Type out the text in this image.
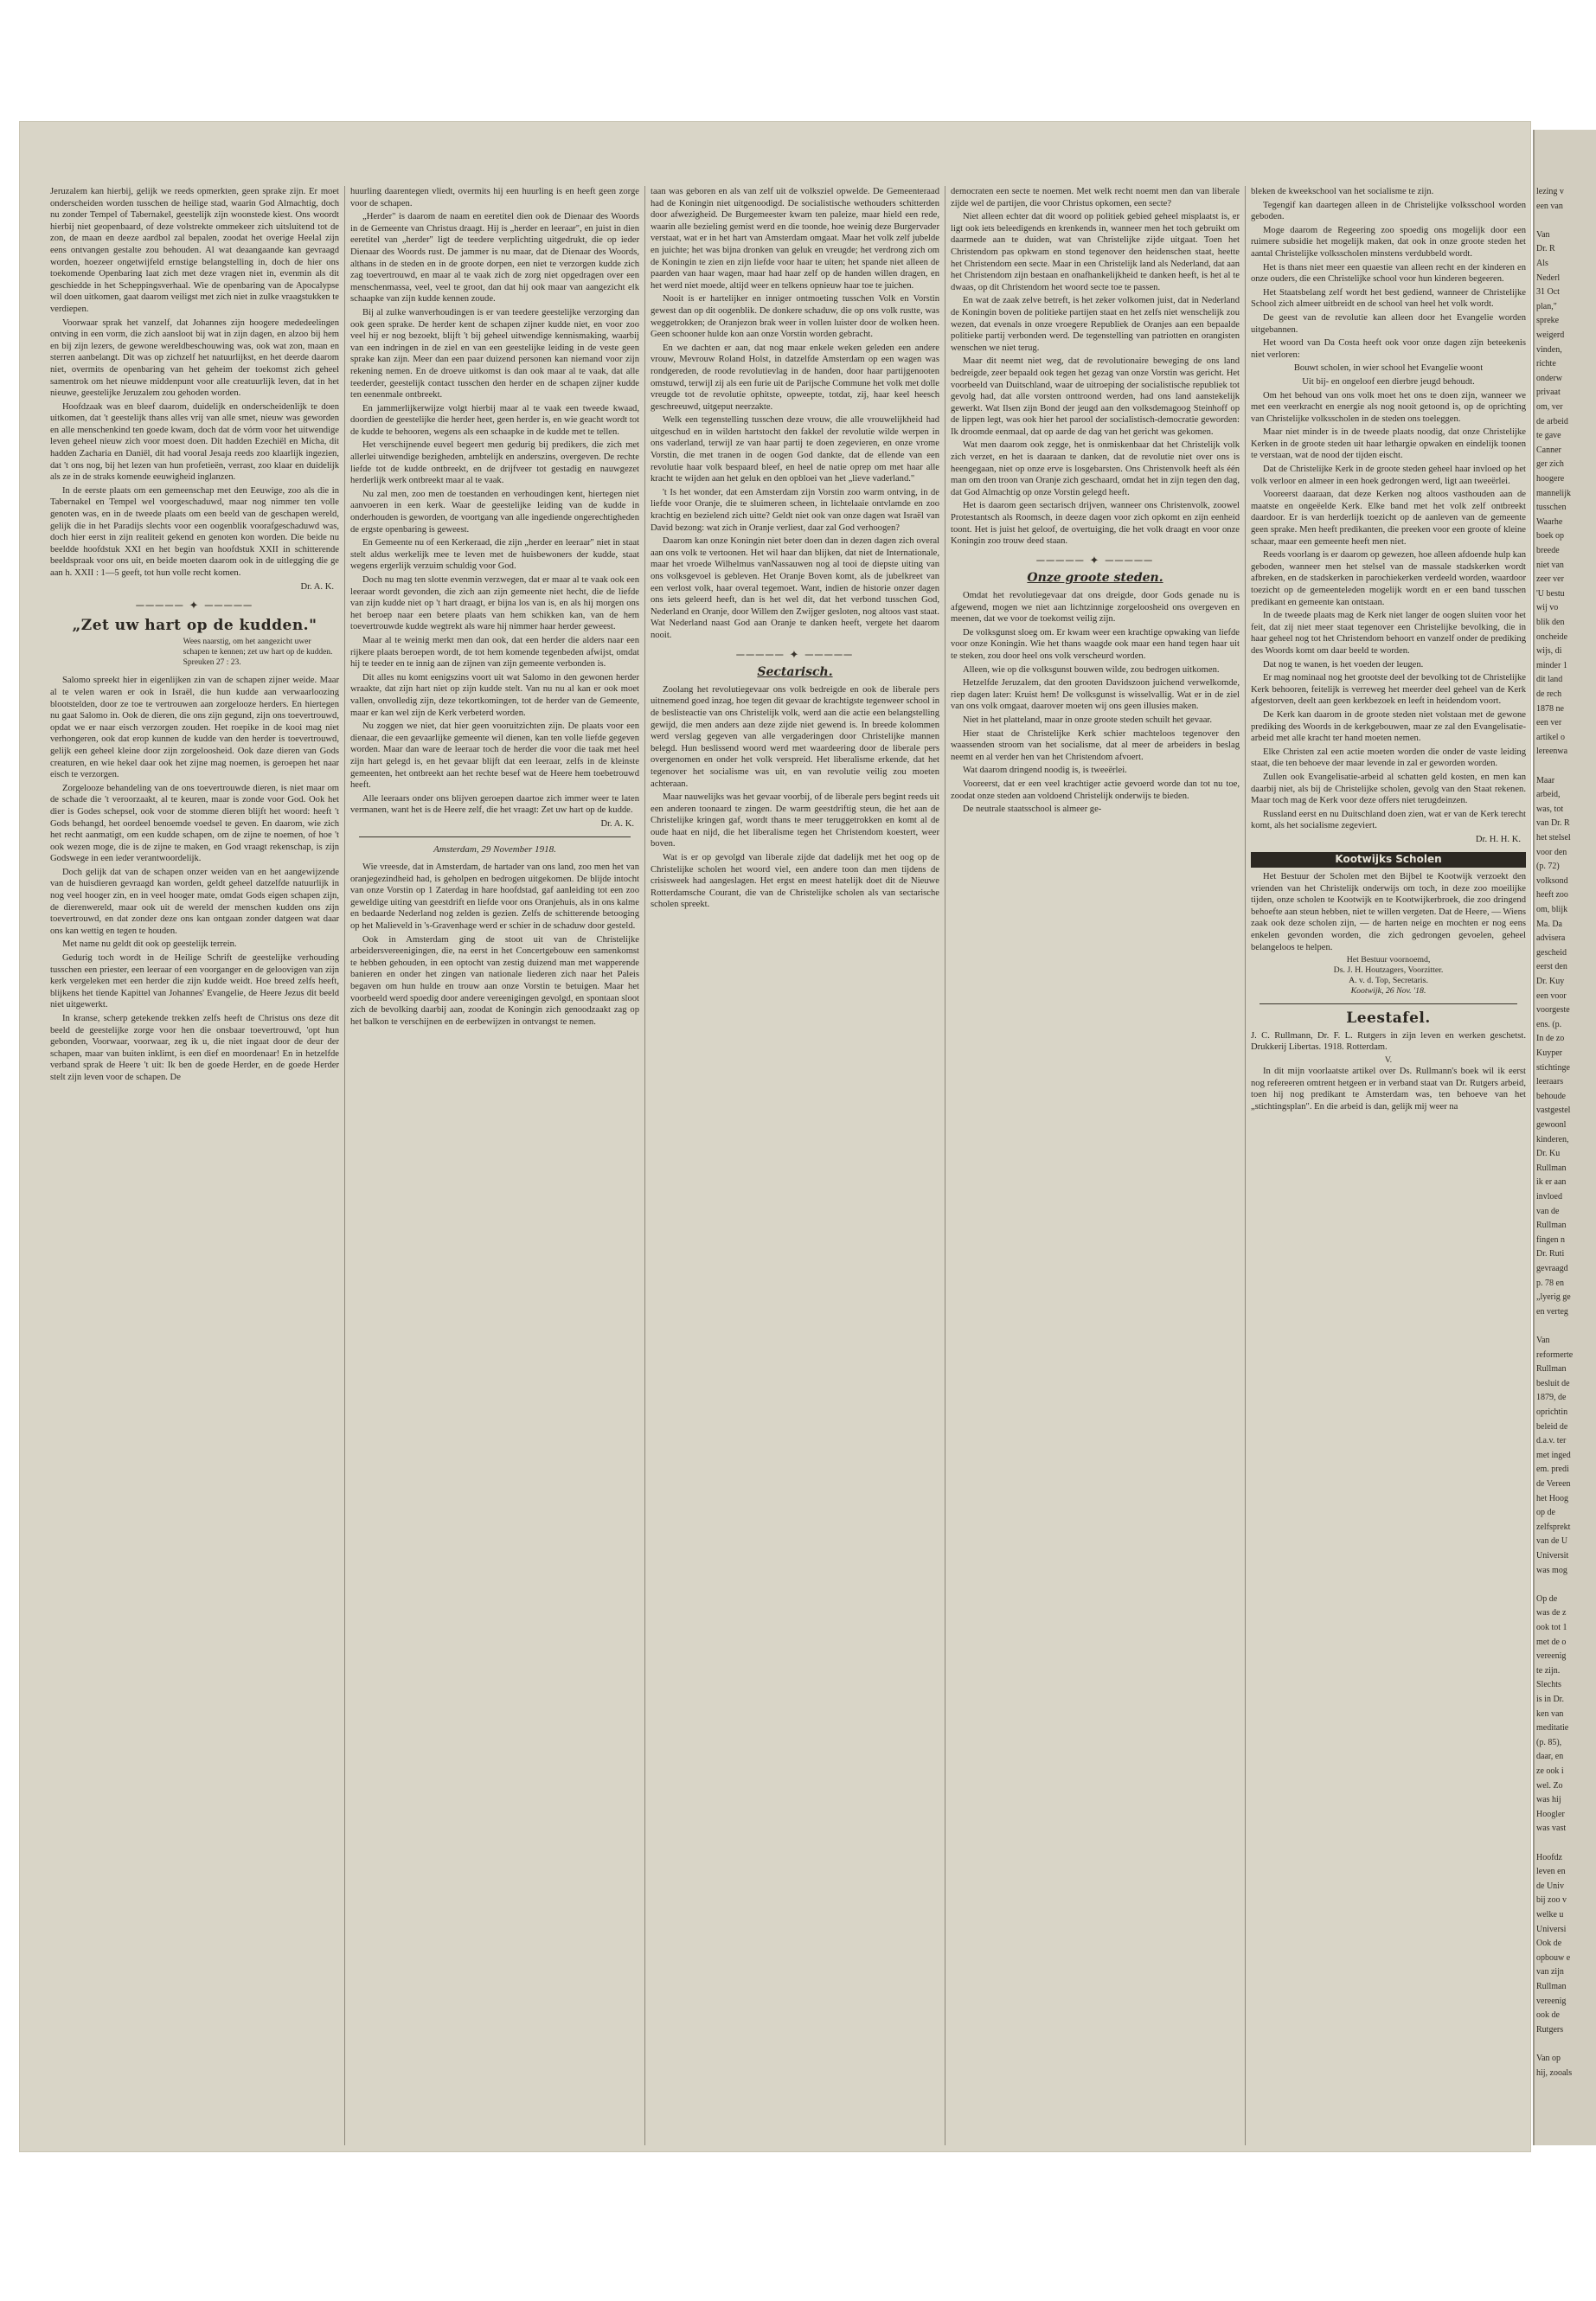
Jeruzalem kan hierbij, gelijk we reeds opmerkten, geen sprake zijn. Er moet onderscheiden worden tusschen de heilige stad, waarin God Almachtig, doch nu zonder Tempel of Tabernakel, geestelijk zijn woonstede kiest. Ons woordt hierbij niet geopenbaard, of deze volstrekte ommekeer zich uitsluitend tot de zon, de maan en deeze aardbol zal bepalen, zoodat het overige Heelal zijn eens ontvangen gestalte zou behouden. Al wat deaangaande kan gevraagd worden, hoezeer ongetwijfeld ernstige belangstelling in, doch de hier ons toekomende Openbaring laat zich met deze vragen niet in, evenmin als dit geschiedde in het Scheppingsverhaal. Wie de openbaring van de Apocalypse wil doen uitkomen, gaat daarom veiligst met zich niet in zulke vraagstukken te verdiepen.

Voorwaar sprak het vanzelf, dat Johannes zijn hoogere mededeelingen ontving in een vorm, die zich aansloot bij wat in zijn dagen, en alzoo bij hem en bij zijn lezers, de gewone wereldbeschouwing was, ook wat zon, maan en sterren aanbelangt. Dit was op zichzelf het natuurlijkst, en het deerde daarom niet, overmits de openbaring van het geheim der toekomst zich geheel samentrok om het nieuwe middenpunt voor alle creatuurlijk leven, dat in het nieuwe, geestelijke Jeruzalem zou gehoden worden.

Hoofdzaak was en bleef daarom, duidelijk en onderscheidenlijk te doen uitkomen, dat 't geestelijk thans alles vrij van alle smet, nieuw was geworden en alle menschenkind ten goede kwam, doch dat de vórm voor het uitwendige leven geheel nieuw zich voor moest doen. Dit hadden Ezechiël en Micha, dit hadden Zacharia en Daniël, dit had vooral Jesaja reeds zoo klaarlijk ingezien, dat 't ons nog, bij het lezen van hun profetieën, verrast, zoo klaar en duidelijk als ze in de straks komende eeuwigheid inglanzen.

In de eerste plaats om een gemeenschap met den Eeuwige, zoo als die in Tabernakel en Tempel wel voorgeschaduwd, maar nog nimmer ten volle genoten was, en in de tweede plaats om een beeld van de geschapen wereld, gelijk die in het Paradijs slechts voor een oogenblik voorafgeschaduwd was, doch hier eerst in zijn realiteit gekend en genoten kon worden. Die beide nu beeldde hoofdstuk XXI en het begin van hoofdstuk XXII in schitterende beeldspraak voor ons uit, en beide moeten daarom ook in de uitlegging die ge aan h. XXII : 1—5 geeft, tot hun volle recht komen.

Dr. A. K.
───── ✦ ─────
„Zet uw hart op de kudden."
Wees naarstig, om het aangezicht uwer schapen te kennen; zet uw hart op de kudden. Spreuken 27 : 23.

Salomo spreekt hier in eigenlijken zin van de schapen zijner weide. Maar al te velen waren er ook in Israël, die hun kudde aan verwaarloozing blootstelden, door ze toe te vertrouwen aan zorgelooze herders. En hiertegen nu gaat Salomo in. Ook de dieren, die ons zijn gegund, zijn ons toevertrouwd, opdat we er naar eisch verzorgen zouden. Het roepike in de kooi mag niet verhongeren, ook dat erop kunnen de kudde van den herder is toevertrouwd, gelijk een geheel kleine door zijn zorgeloosheid. Ook daze dieren van Gods creaturen, en wie hekel daar ook het zijne mag noemen, is geroepen het naar eisch te verzorgen.

Zorgelooze behandeling van de ons toevertrouwde dieren, is niet maar om de schade die 't veroorzaakt, al te keuren, maar is zonde voor God. Ook het dier is Godes schepsel, ook voor de stomme dieren blijft het woord: heeft 't Gods behangd, het oordeel benoemde voedsel te geven. En daarom, wie zich het recht aanmatigt, om een kudde schapen, om de zijne te noemen, of hoe 't ook wezen moge, die is de zijne te maken, en God vraagt rekenschap, is zijn Godswege in een ieder verantwoordelijk.

Doch gelijk dat van de schapen onzer weiden van en het aangewijzende van de huisdieren gevraagd kan worden, geldt geheel datzelfde natuurlijk in nog veel hooger zin, en in veel hooger mate, omdat Gods eigen schapen zijn, de dierenwereld, maar ook uit de wereld der menschen kudden ons zijn toevertrouwd, en dat zonder deze ons kan ontgaan zonder datgeen wat daar ons kan wettig en tegen te houden.

Met name nu geldt dit ook op geestelijk terrein.

Gedurig toch wordt in de Heilige Schrift de geestelijke verhouding tusschen een priester, een leeraar of een voorganger en de geloovigen van zijn kerk vergeleken met een herder die zijn kudde weidt. Hoe breed zelfs heeft, blijkens het tiende Kapittel van Johannes' Evangelie, de Heere Jezus dit beeld niet uitgewerkt.

In kranse, scherp getekende trekken zelfs heeft de Christus ons deze dit beeld de geestelijke zorge voor hen die onsbaar toevertrouwd, 'opt hun gebonden, Voorwaar, voorwaar, zeg ik u, die niet ingaat door de deur der schapen, maar van buiten inklimt, is een dief en moordenaar! En in hetzelfde verband sprak de Heere 't uit: Ik ben de goede Herder, en de goede Herder stelt zijn leven voor de schapen. De

huurling daarentegen vliedt, overmits hij een huurling is en heeft geen zorge voor de schapen.

„Herder" is daarom de naam en eeretitel dien ook de Dienaar des Woords in de Gemeente van Christus draagt. Hij is „herder en leeraar", en juist in dien eeretitel van „herder" ligt de teedere verplichting uitgedrukt, die op ieder Dienaar des Woords rust. De jammer is nu maar, dat de Dienaar des Woords, althans in de steden en in de groote dorpen, een niet te verzorgen kudde zich zag toevertrouwd, en maar al te vaak zich de zorg niet opgedragen over een menschenmassa, veel, veel te groot, dan dat hij ook maar van aangezicht elk schaapke van zijn kudde kennen zoude.

Bij al zulke wanverhoudingen is er van teedere geestelijke verzorging dan ook geen sprake. De herder kent de schapen zijner kudde niet, en voor zoo veel hij er nog bezoekt, blijft 't bij geheel uitwendige kennismaking, waarbij van een indringen in de ziel en van een geestelijke leiding in de veste geen sprake kan zijn. Meer dan een paar duizend personen kan niemand voor zijn rekening nemen. En de droeve uitkomst is dan ook maar al te vaak, dat alle teederder, geestelijk contact tusschen den herder en de schapen zijner kudde ten eenenmale ontbreekt.

En jammerlijkerwijze volgt hierbij maar al te vaak een tweede kwaad, doordien de geestelijke die herder heet, geen herder is, en wie geacht wordt tot de kudde te behooren, wegens als een schaapke in de kudde met te tellen.

Het verschijnende euvel begeert men gedurig bij predikers, die zich met allerlei uitwendige bezigheden, ambtelijk en anderszins, overgeven. De rechte liefde tot de kudde ontbreekt, en de drijfveer tot gestadig en nauwgezet herderlijk werk ontbreekt maar al te vaak.

Nu zal men, zoo men de toestanden en verhoudingen kent, hiertegen niet aanvoeren in een kerk. Waar de geestelijke leiding van de kudde in onderhouden is geworden, de voortgang van alle ingediende ongerechtigheden de ergste openbaring is geweest.

En Gemeente nu of een Kerkeraad, die zijn „herder en leeraar" niet in staat stelt aldus werkelijk mee te leven met de huisbewoners der kudde, staat wegens ergerlijk verzuim schuldig voor God.

Doch nu mag ten slotte evenmin verzwegen, dat er maar al te vaak ook een leeraar wordt gevonden, die zich aan zijn gemeente niet hecht, die de liefde van zijn kudde niet op 't hart draagt, er bijna los van is, en als hij morgen ons het beroep naar een betere plaats van hem schikken kan, van de hem toevertrouwde kudde wegtrekt als ware hij nimmer haar herder geweest.

Maar al te weinig merkt men dan ook, dat een herder die alders naar een rijkere plaats beroepen wordt, de tot hem komende tegenbeden afwijst, omdat hij te teeder en te innig aan de zijnen van zijn gemeente verbonden is.

Dit alles nu komt eenigszins voort uit wat Salomo in den gewonen herder wraakte, dat zijn hart niet op zijn kudde stelt. Van nu nu al kan er ook moet vallen, onvolledig zijn, deze tekortkomingen, tot de herder van de Gemeente, maar er kan wel zijn de Kerk verbeterd worden.

Nu zoggen we niet, dat hier geen vooruitzichten zijn. De plaats voor een dienaar, die een gevaarlijke gemeente wil dienen, kan ten volle liefde gegeven worden. Maar dan ware de leeraar toch de herder die voor die taak met heel zijn hart gelegd is, en het gevaar blijft dat een leeraar, zelfs in de kleinste gemeenten, het ontbreekt aan het rechte besef wat de Heere hem toebetrouwd heeft.

Alle leeraars onder ons blijven geroepen daartoe zich immer weer te laten vermanen, want het is de Heere zelf, die het vraagt: Zet uw hart op de kudde.

Dr. A. K.
Amsterdam, 29 November 1918.

Wie vreesde, dat in Amsterdam, de hartader van ons land, zoo men het van oranjegezindheid had, is geholpen en bedrogen uitgekomen. De blijde intocht van onze Vorstin op 1 Zaterdag in hare hoofdstad, gaf aanleiding tot een zoo geweldige uiting van geestdrift en liefde voor ons Oranjehuis, als in ons kalme en bedaarde Nederland nog zelden is gezien. Zelfs de schitterende betooging op het Malieveld in 's-Gravenhage werd er schier in de schaduw door gesteld.

Ook in Amsterdam ging de stoot uit van de Christelijke arbeidersvereenigingen, die, na eerst in het Concertgebouw een samenkomst te hebben gehouden, in een optocht van zestig duizend man met wapperende banieren en onder het zingen van nationale liederen zich naar het Paleis begaven om hun hulde en trouw aan onze Vorstin te betuigen. Maar het voorbeeld werd spoedig door andere vereenigingen gevolgd, en spontaan sloot zich de bevolking daarbij aan, zoodat de Koningin zich genoodzaakt zag op het balkon te verschijnen en de eerbewijzen in ontvangst te nemen.

taan was geboren en als van zelf uit de volksziel opwelde. De Gemeenteraad had de Koningin niet uitgenoodigd. De socialistische wethouders schitterden door afwezigheid. De Burgemeester kwam ten paleize, maar hield een rede, waarin alle bezieling gemist werd en die toonde, hoe weinig deze Burgervader verstaat, wat er in het hart van Amsterdam omgaat. Maar het volk zelf jubelde en juichte; het was bijna dronken van geluk en vreugde; het verdrong zich om de Koningin te zien en zijn liefde voor haar te uiten; het spande niet alleen de paarden van haar wagen, maar had haar zelf op de handen willen dragen, en het werd niet moede, altijd weer en telkens opnieuw haar toe te juichen.

Nooit is er hartelijker en inniger ontmoeting tusschen Volk en Vorstin gewest dan op dit oogenblik. De donkere schaduw, die op ons volk rustte, was weggetrokken; de Oranjezon brak weer in vollen luister door de wolken heen. Geen schooner hulde kon aan onze Vorstin worden gebracht.

En we dachten er aan, dat nog maar enkele weken geleden een andere vrouw, Mevrouw Roland Holst, in datzelfde Amsterdam op een wagen was rondgereden, de roode revolutievlag in de handen, door haar partijgenooten omstuwd, terwijl zij als een furie uit de Parijsche Commune het volk met dolle vreugde tot de revolutie ophitste, opweepte, totdat, zij, haar keel heesch geschreeuwd, uitgeput neerzakte.

Welk een tegenstelling tusschen deze vrouw, die alle vrouwelijkheid had uitgeschud en in wilden hartstocht den fakkel der revolutie wilde werpen in ons vaderland, terwijl ze van haar partij te doen zegevieren, en onze vrome Vorstin, die met tranen in de oogen God dankte, dat de ellende van een revolutie haar volk bespaard bleef, en heel de natie oprep om met haar alle kracht te wijden aan het geluk en den opbloei van het „lieve vaderland."

't Is het wonder, dat een Amsterdam zijn Vorstin zoo warm ontving, in de liefde voor Oranje, die te sluimeren scheen, in lichtelaaie ontvlamde en zoo krachtig en bezielend zich uitte? Geldt niet ook van onze dagen wat Israël van David bezong: wat zich in Oranje verliest, daar zal God verhoogen?

Daarom kan onze Koningin niet beter doen dan in dezen dagen zich overal aan ons volk te vertoonen. Het wil haar dan blijken, dat niet de Internationale, maar het vroede Wilhelmus vanNassauwen nog al tooi de diepste uiting van ons volksgevoel is gebleven. Het Oranje Boven komt, als de jubelkreet van een verlost volk, haar overal tegemoet. Want, indien de historie onzer dagen ons iets geleerd heeft, dan is het wel dit, dat het verbond tusschen God, Nederland en Oranje, door Willem den Zwijger gesloten, nog altoos vast staat. Wat Nederland naast God aan Oranje te danken heeft, vergete het daarom nooit.

───── ✦ ─────
Sectarisch.

Zoolang het revolutiegevaar ons volk bedreigde en ook de liberale pers uitnemend goed inzag, hoe tegen dit gevaar de krachtigste tegenweer school in de beslisteactie van ons Christelijk volk, werd aan die actie een belangstelling gewijd, die men anders aan deze zijde niet gewend is. In breede kolommen werd verslag gegeven van alle vergaderingen door Christelijke mannen belegd. Hun beslissend woord werd met waardeering door de liberale pers overgenomen en onder het volk verspreid. Het liberalisme erkende, dat het tegenover het socialisme was uit, en van revolutie veilig zou moeten achteraan.

Maar nauwelijks was het gevaar voorbij, of de liberale pers begint reeds uit een anderen toonaard te zingen. De warm geestdriftig steun, die het aan de Christelijke kringen gaf, wordt thans te meer teruggetrokken en komt al de oude haat en nijd, die het liberalisme tegen het Christendom koestert, weer boven.

Wat is er op gevolgd van liberale zijde dat dadelijk met het oog op de Christelijke scholen het woord viel, een andere toon dan men tijdens de crisisweek had aangeslagen. Het ergst en meest hatelijk doet dit de Nieuwe Rotterdamsche Courant, die van de Christelijke scholen als van sectarische scholen spreekt.

democraten een secte te noemen. Met welk recht noemt men dan van liberale zijde wel de partijen, die voor Christus opkomen, een secte?

Niet alleen echter dat dit woord op politiek gebied geheel misplaatst is, er ligt ook iets beleedigends en krenkends in, wanneer men het toch gebruikt om daarmede aan te duiden, wat van Christelijke zijde uitgaat. Toen het Christendom pas opkwam en stond tegenover den heidenschen staat, heette het Christendom een secte. Maar in een Christelijk land als Nederland, dat aan het Christendom zijn bestaan en onafhankelijkheid te danken heeft, is het al te dwaas, op dit Christendom het woord secte toe te passen.

En wat de zaak zelve betreft, is het zeker volkomen juist, dat in Nederland de Koningin boven de politieke partijen staat en het zelfs niet wenschelijk zou wezen, dat evenals in onze vroegere Republiek de Oranjes aan een bepaalde politieke partij verbonden werd. De tegenstelling van patriotten en orangisten wenschen we niet terug.

Maar dit neemt niet weg, dat de revolutionaire beweging de ons land bedreigde, zeer bepaald ook tegen het gezag van onze Vorstin was gericht. Het voorbeeld van Duitschland, waar de uitroeping der socialistische republiek tot gevolg had, dat alle vorsten onttroond werden, had ons land aanstekelijk gewerkt. Wat Ilsen zijn Bond der jeugd aan den volksdemagoog Steinhoff op de lippen legt, was ook hier het parool der socialistisch-democratie geworden: Ik droomde eenmaal, dat op aarde de dag van het gericht was gekomen.

Wat men daarom ook zegge, het is onmiskenbaar dat het Christelijk volk zich verzet, en het is daaraan te danken, dat de revolutie niet over ons is heengegaan, niet op onze erve is losgebarsten. Ons Christenvolk heeft als één man om den troon van Oranje zich geschaard, omdat het in zijn tegen den dag, dat God Almachtig op onze Vorstin gelegd heeft.

Het is daarom geen sectarisch drijven, wanneer ons Christenvolk, zoowel Protestantsch als Roomsch, in deeze dagen voor zich opkomt en zijn eenheid toont. Het is juist het geloof, de overtuiging, die het volk draagt en voor onze Koningin zoo trouw deed staan.

───── ✦ ─────
Onze groote steden.

Omdat het revolutiegevaar dat ons dreigde, door Gods genade nu is afgewend, mogen we niet aan lichtzinnige zorgeloosheid ons overgeven en meenen, dat we voor de toekomst veilig zijn.

De volksgunst sloeg om. Er kwam weer een krachtige opwaking van liefde voor onze Koningin. Wie het thans waagde ook maar een hand tegen haar uit te steken, zou door heel ons volk verscheurd worden.

Alleen, wie op die volksgunst bouwen wilde, zou bedrogen uitkomen.

Hetzelfde Jeruzalem, dat den grooten Davidszoon juichend verwelkomde, riep dagen later: Kruist hem! De volksgunst is wisselvallig. Wat er in de ziel van ons volk omgaat, daarover moeten wij ons geen illusies maken.

Niet in het platteland, maar in onze groote steden schuilt het gevaar.

Hier staat de Christelijke Kerk schier machteloos tegenover den waassenden stroom van het socialisme, dat al meer de arbeiders in beslag neemt en al verder hen van het Christendom afvoert.

Wat daarom dringend noodig is, is tweeërlei.

Vooreerst, dat er een veel krachtiger actie gevoerd worde dan tot nu toe, zoodat onze steden aan voldoend Christelijk onderwijs te bieden.

De neutrale staatsschool is almeer ge-

bleken de kweekschool van het socialisme te zijn.

Tegengif kan daartegen alleen in de Christelijke volksschool worden geboden.

Moge daarom de Regeering zoo spoedig ons mogelijk door een ruimere subsidie het mogelijk maken, dat ook in onze groote steden het aantal Christelijke volksscholen minstens verdubbeld wordt.

Het is thans niet meer een quaestie van alleen recht en der kinderen en onze ouders, die een Christelijke school voor hun kinderen begeeren.

Het Staatsbelang zelf wordt het best gediend, wanneer de Christelijke School zich almeer uitbreidt en de school van heel het volk wordt.

De geest van de revolutie kan alleen door het Evangelie worden uitgebannen.

Het woord van Da Costa heeft ook voor onze dagen zijn beteekenis niet verloren:

Bouwt scholen, in wier school het Evangelie woont

Uit bij- en ongeloof een dierbre jeugd behoudt.

Om het behoud van ons volk moet het ons te doen zijn, wanneer we met een veerkracht en energie als nog nooit getoond is, op de oprichting van Christelijke volksscholen in de steden ons toeleggen.

Maar niet minder is in de tweede plaats noodig, dat onze Christelijke Kerken in de groote steden uit haar lethargie opwaken en eindelijk toonen te verstaan, wat de nood der tijden eischt.

Dat de Christelijke Kerk in de groote steden geheel haar invloed op het volk verloor en almeer in een hoek gedrongen werd, ligt aan tweeërlei.

Vooreerst daaraan, dat deze Kerken nog altoos vasthouden aan de maatste en ongeëelde Kerk. Elke band met het volk zelf ontbreekt daardoor. Er is van herderlijk toezicht op de aanleven van de gemeente geen sprake. Men heeft predikanten, die preeken voor een groote of kleine schaar, maar een gemeente heeft men niet.

Reeds voorlang is er daarom op gewezen, hoe alleen afdoende hulp kan geboden, wanneer men het stelsel van de massale stadskerken wordt afbreken, en de stadskerken in parochiekerken verdeeld worden, waardoor toezicht op de gemeenteleden mogelijk wordt en er een band tusschen predikant en gemeente kan ontstaan.

In de tweede plaats mag de Kerk niet langer de oogen sluiten voor het feit, dat zij niet meer staat tegenover een Christelijke bevolking, die in haar geheel nog tot het Christendom behoort en vanzelf onder de prediking des Woords komt om daar beeld te worden.

Dat nog te wanen, is het voeden der leugen.

Er mag nominaal nog het grootste deel der bevolking tot de Christelijke Kerk behooren, feitelijk is verreweg het meerder deel geheel van de Kerk afgestorven, deelt aan geen kerkbezoek en leeft in heidendom voort.

De Kerk kan daarom in de groote steden niet volstaan met de gewone prediking des Woords in de kerkgebouwen, maar ze zal den Evangelisatie-arbeid met alle kracht ter hand moeten nemen.

Elke Christen zal een actie moeten worden die onder de vaste leiding staat, die ten behoeve der maar levende in zal er geworden worden.

Zullen ook Evangelisatie-arbeid al schatten geld kosten, en men kan daarbij niet, als bij de Christelijke scholen, gevolg van den Staat rekenen. Maar toch mag de Kerk voor deze offers niet terugdeinzen.

Russland eerst en nu Duitschland doen zien, wat er van de Kerk terecht komt, als het socialisme zegeviert.

Dr. H. H. K.
Kootwijks Scholen

Het Bestuur der Scholen met den Bijbel te Kootwijk verzoekt den vrienden van het Christelijk onderwijs om toch, in deze zoo moeilijke tijden, onze scholen te Kootwijk en te Kootwijkerbroek, die zoo dringend behoefte aan steun hebben, niet te willen vergeten. Dat de Heere, — Wiens zaak ook deze scholen zijn, — de harten neige en mochten er nog eens enkelen gevonden worden, die zich gedrongen gevoelen, geheel belangeloos te helpen.

Het Bestuur voornoemd,
Ds. J. H. Houtzagers, Voorzitter.
A. v. d. Top, Secretaris.
Kootwijk, 26 Nov. '18.
Leestafel.

J. C. Rullmann, Dr. F. L. Rutgers in zijn leven en werken geschetst. Drukkerij Libertas. 1918. Rotterdam.

V.

In dit mijn voorlaatste artikel over Ds. Rullmann's boek wil ik eerst nog refereeren omtrent hetgeen er in verband staat van Dr. Rutgers arbeid, toen hij nog predikant te Amsterdam was, ten behoeve van het „stichtingsplan". En die arbeid is dan, gelijk mij weer na

lezing v
een van
Van
Dr. R
Als
Nederl
31 Oct
plan,"
spreke
weigerd
vinden,
richte
onderw
privaat
om, ver
de arbeid
te gave
Canner
ger zich
hoogere
mannelijk
tusschen
Waarhe
boek op
breede
niet van
zeer ver
'U bestu
wij vo
blik den
oncheide
wijs, di
minder 1
dit land
de rech
1878 ne
een ver
artikel o
lereenwa
Maar
arbeid,
was, tot
van Dr. R
het stelsel
voor den
(p. 72)
volksond
heeft zoo
om, blijk
Ma. Da
advisera
gescheid
eerst den
Dr. Kuy
een voor
voorgeste
ens. (p.
In de zo
Kuyper
stichtinge
leeraars
behoude
vastgestel
gewoonl
kinderen,
Dr. Ku
Rullman
ik er aan
invloed
van de
Rullman
fingen n
Dr. Ruti
gevraagd
p. 78 en
„lyerig ge
en verteg
Van
reformerte
Rullman
besluit de
1879, de
oprichtin
beleid de
d.a.v. ter
met inged
em. predi
de Vereen
het Hoog
op de
zelfsprekt
van de U
Universit
was mog
Op de
was de z
ook tot 1
met de o
vereenig
te zijn.
Slechts
is in Dr.
ken van
meditatie
(p. 85),
daar, en
ze ook i
wel. Zo
was hij
Hoogler
was vast
Hoofdz
leven en
de Univ
bij zoo v
welke u
Universi
Ook de
opbouw e
van zijn
Rullman
vereenig
ook de
Rutgers
Van op
hij, zooals
